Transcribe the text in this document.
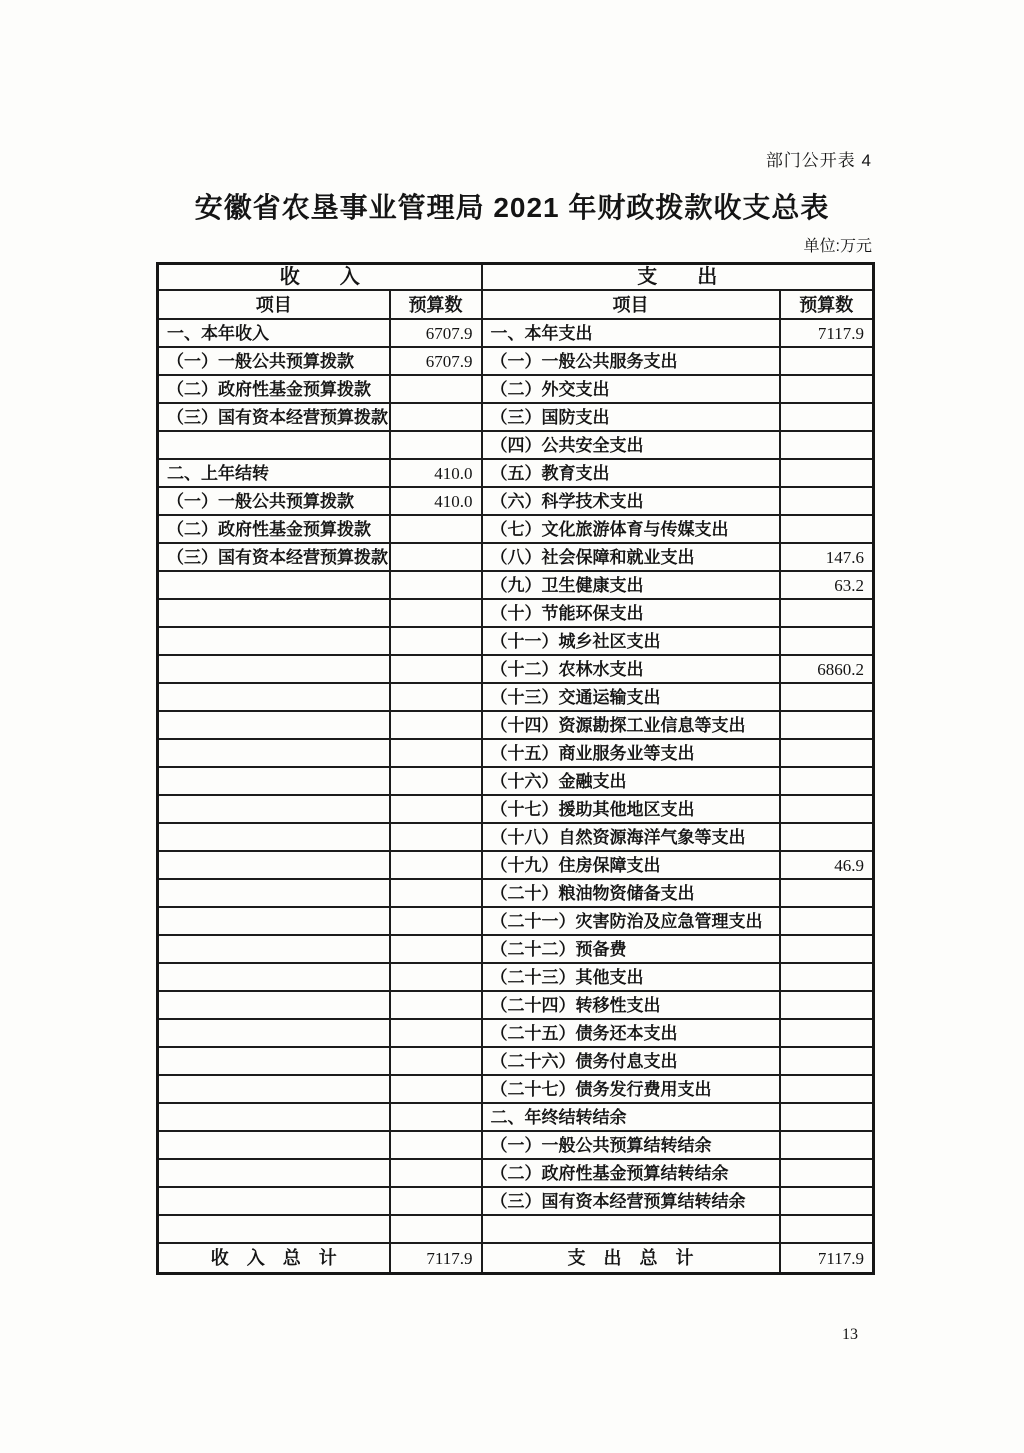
部门公开表 4
安徽省农垦事业管理局 2021 年财政拨款收支总表
单位:万元
收　　入		支　　出	
项目	预算数	项目	预算数
一、本年收入	6707.9	一、本年支出	7117.9
（一）一般公共预算拨款	6707.9	（一）一般公共服务支出	
（二）政府性基金预算拨款		（二）外交支出	
（三）国有资本经营预算拨款		（三）国防支出	
		（四）公共安全支出	
二、上年结转	410.0	（五）教育支出	
（一）一般公共预算拨款	410.0	（六）科学技术支出	
（二）政府性基金预算拨款		（七）文化旅游体育与传媒支出	
（三）国有资本经营预算拨款		（八）社会保障和就业支出	147.6
		（九）卫生健康支出	63.2
		（十）节能环保支出	
		（十一）城乡社区支出	
		（十二）农林水支出	6860.2
		（十三）交通运输支出	
		（十四）资源勘探工业信息等支出	
		（十五）商业服务业等支出	
		（十六）金融支出	
		（十七）援助其他地区支出	
		（十八）自然资源海洋气象等支出	
		（十九）住房保障支出	46.9
		（二十）粮油物资储备支出	
		（二十一）灾害防治及应急管理支出	
		（二十二）预备费	
		（二十三）其他支出	
		（二十四）转移性支出	
		（二十五）债务还本支出	
		（二十六）债务付息支出	
		（二十七）债务发行费用支出	
		二、年终结转结余	
		（一）一般公共预算结转结余	
		（二）政府性基金预算结转结余	
		（三）国有资本经营预算结转结余	

收　入　总　计	7117.9	支　出　总　计	7117.9
13
